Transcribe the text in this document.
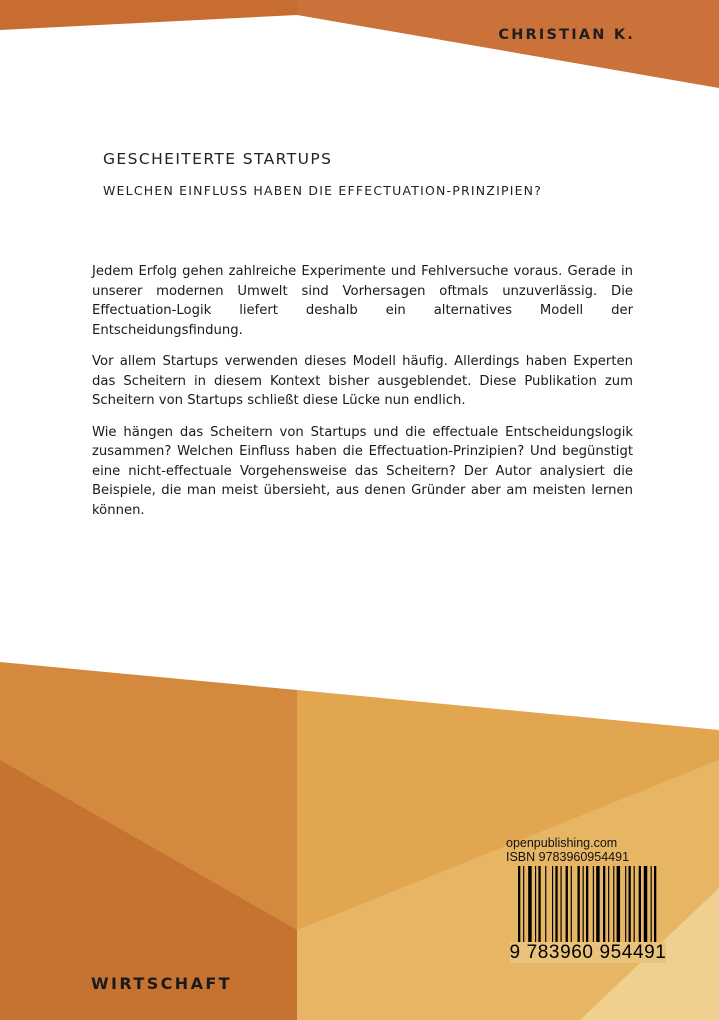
CHRISTIAN K.
GESCHEITERTE STARTUPS
WELCHEN EINFLUSS HABEN DIE EFFECTUATION-PRINZIPIEN?

Jedem Erfolg gehen zahlreiche Experimente und Fehlversuche voraus. Gerade in unserer modernen Umwelt sind Vorhersagen oftmals unzuverlässig. Die Effectuation-Logik liefert deshalb ein alternatives Modell der Entscheidungsfindung.

Vor allem Startups verwenden dieses Modell häufig. Allerdings haben Experten das Scheitern in diesem Kontext bisher ausgeblendet. Diese Publikation zum Scheitern von Startups schließt diese Lücke nun endlich.

Wie hängen das Scheitern von Startups und die effectuale Entscheidungslogik zusammen? Welchen Einfluss haben die Effectuation-Prinzipien? Und begünstigt eine nicht-effectuale Vorgehensweise das Scheitern? Der Autor analysiert die Beispiele, die man meist übersieht, aus denen Gründer aber am meisten lernen können.

openpublishing.com
ISBN 9783960954491
9 783960 954491
WIRTSCHAFT
